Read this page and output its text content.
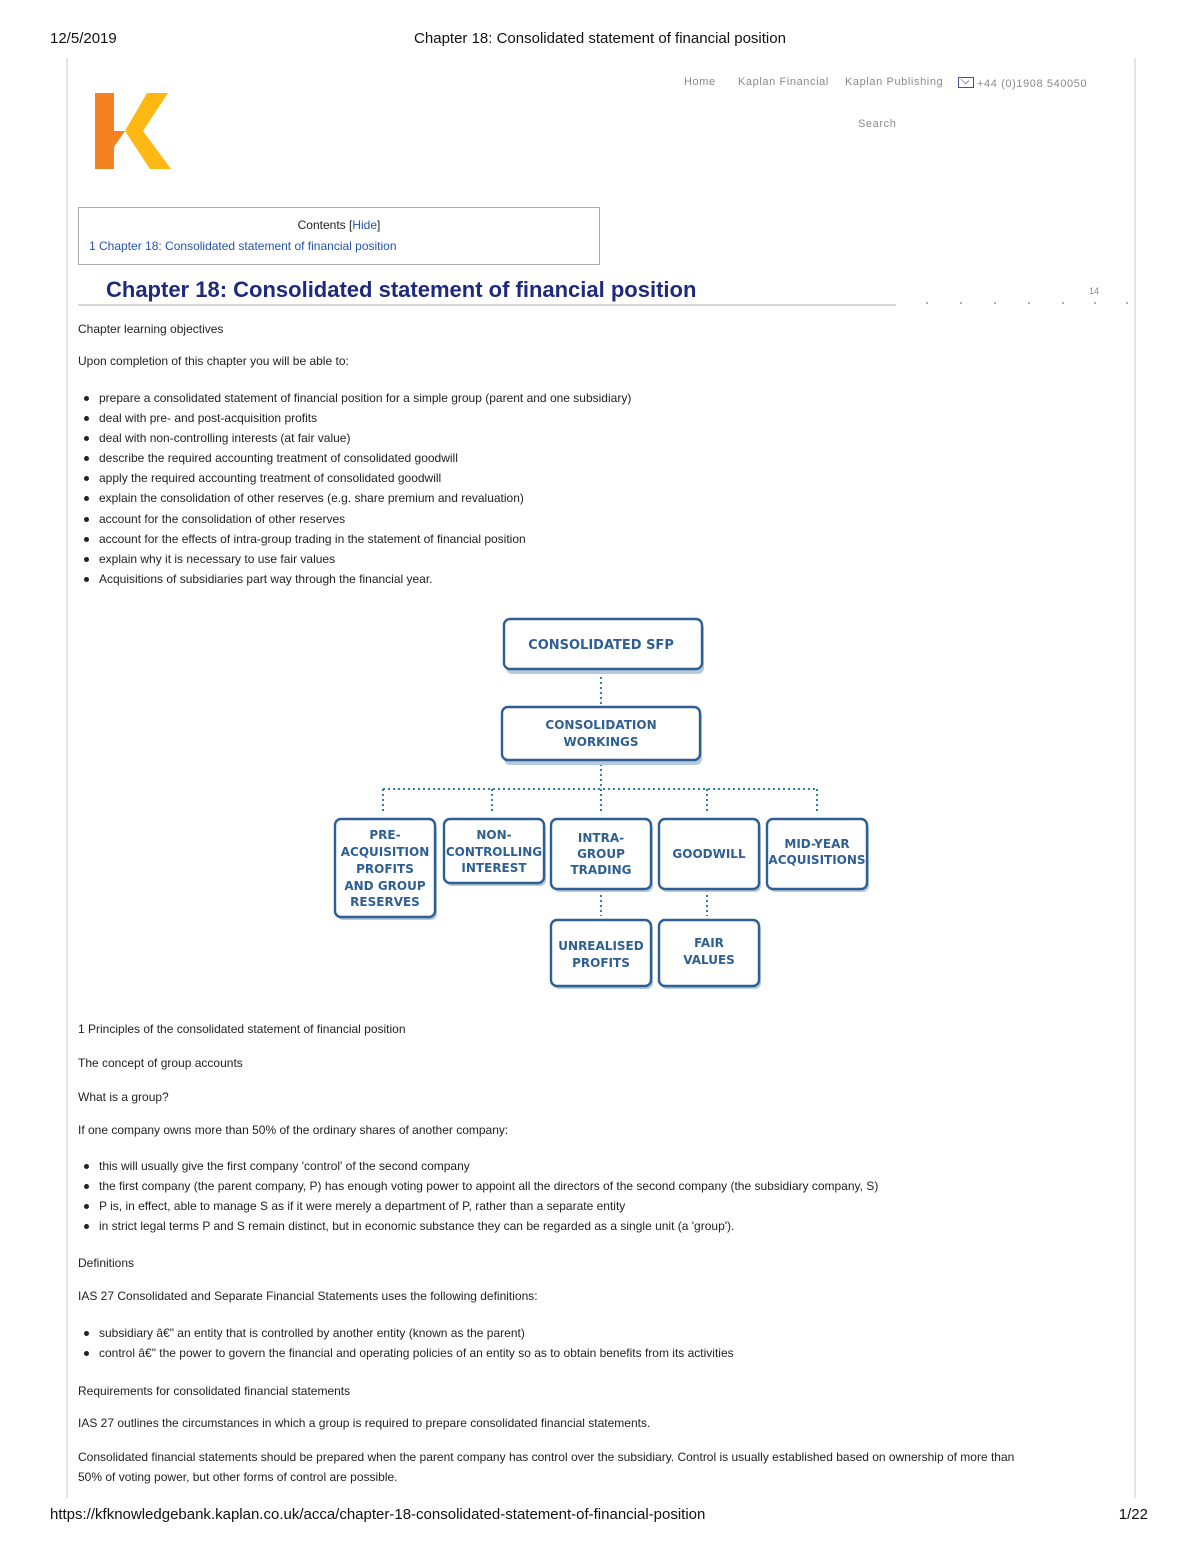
12/5/2019	Chapter 18: Consolidated statement of financial position
Home Kaplan Financial Kaplan Publishing	+44 (0)1908 540050
Search
Contents [Hide]
1 Chapter 18: Consolidated statement of financial position
Chapter 18: Consolidated statement of financial position	14
Chapter learning objectives
Upon completion of this chapter you will be able to:
prepare a consolidated statement of financial position for a simple group (parent and one subsidiary)
deal with pre- and post-acquisition profits
deal with non-controlling interests (at fair value)
describe the required accounting treatment of consolidated goodwill
apply the required accounting treatment of consolidated goodwill
explain the consolidation of other reserves (e.g. share premium and revaluation)
account for the consolidation of other reserves
account for the effects of intra-group trading in the statement of financial position
explain why it is necessary to use fair values
Acquisitions of subsidiaries part way through the financial year.
CONSOLIDATED SFP
CONSOLIDATION
WORKINGS
PRE-
ACQUISITION
PROFITS
AND GROUP
RESERVES
NON-
CONTROLLING
INTEREST
INTRA-
GROUP
TRADING
GOODWILL
MID-YEAR
ACQUISITIONS
UNREALISED
PROFITS
FAIR
VALUES
1 Principles of the consolidated statement of financial position
The concept of group accounts
What is a group?
If one company owns more than 50% of the ordinary shares of another company:
this will usually give the first company 'control' of the second company
the first company (the parent company, P) has enough voting power to appoint all the directors of the second company (the subsidiary company, S)
P is, in effect, able to manage S as if it were merely a department of P, rather than a separate entity
in strict legal terms P and S remain distinct, but in economic substance they can be regarded as a single unit (a 'group').
Definitions
IAS 27 Consolidated and Separate Financial Statements uses the following definitions:
subsidiary â€" an entity that is controlled by another entity (known as the parent)
control â€" the power to govern the financial and operating policies of an entity so as to obtain benefits from its activities
Requirements for consolidated financial statements
IAS 27 outlines the circumstances in which a group is required to prepare consolidated financial statements.
Consolidated financial statements should be prepared when the parent company has control over the subsidiary. Control is usually established based on ownership of more than
50% of voting power, but other forms of control are possible.
https://kfknowledgebank.kaplan.co.uk/acca/chapter-18-consolidated-statement-of-financial-position	1/22
